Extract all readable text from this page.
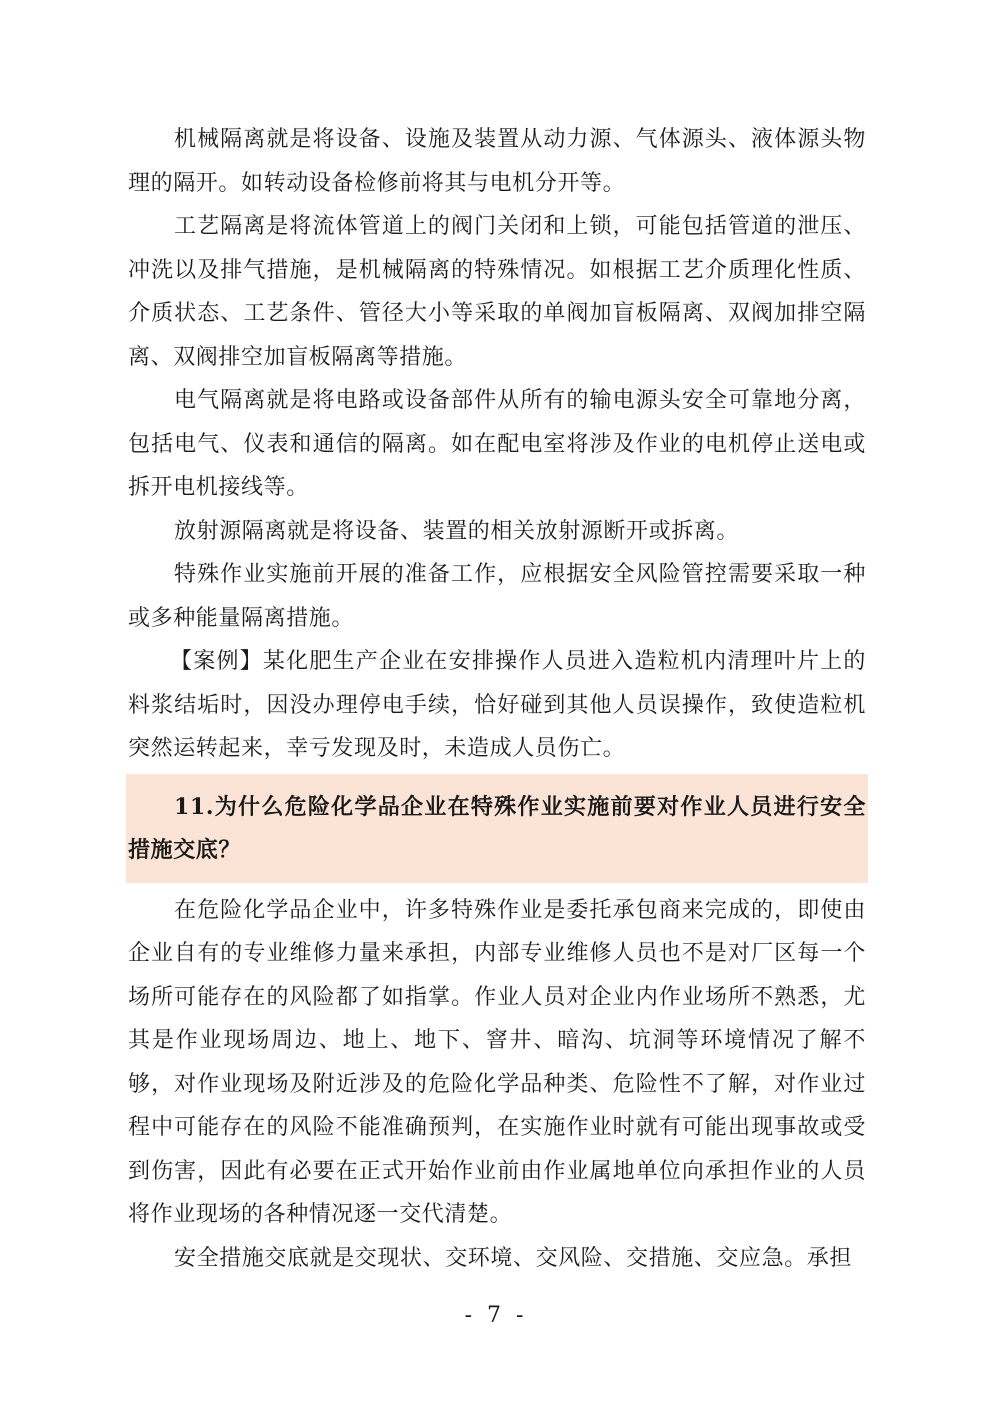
机械隔离就是将设备、设施及装置从动力源、气体源头、液体源头物理的隔开。如转动设备检修前将其与电机分开等。

工艺隔离是将流体管道上的阀门关闭和上锁，可能包括管道的泄压、冲洗以及排气措施，是机械隔离的特殊情况。如根据工艺介质理化性质、介质状态、工艺条件、管径大小等采取的单阀加盲板隔离、双阀加排空隔离、双阀排空加盲板隔离等措施。

电气隔离就是将电路或设备部件从所有的输电源头安全可靠地分离，包括电气、仪表和通信的隔离。如在配电室将涉及作业的电机停止送电或拆开电机接线等。

放射源隔离就是将设备、装置的相关放射源断开或拆离。

特殊作业实施前开展的准备工作，应根据安全风险管控需要采取一种或多种能量隔离措施。

【案例】某化肥生产企业在安排操作人员进入造粒机内清理叶片上的料浆结垢时，因没办理停电手续，恰好碰到其他人员误操作，致使造粒机突然运转起来，幸亏发现及时，未造成人员伤亡。

11.为什么危险化学品企业在特殊作业实施前要对作业人员进行安全措施交底？

在危险化学品企业中，许多特殊作业是委托承包商来完成的，即使由企业自有的专业维修力量来承担，内部专业维修人员也不是对厂区每一个场所可能存在的风险都了如指掌。作业人员对企业内作业场所不熟悉，尤其是作业现场周边、地上、地下、窨井、暗沟、坑洞等环境情况了解不够，对作业现场及附近涉及的危险化学品种类、危险性不了解，对作业过程中可能存在的风险不能准确预判，在实施作业时就有可能出现事故或受到伤害，因此有必要在正式开始作业前由作业属地单位向承担作业的人员将作业现场的各种情况逐一交代清楚。

安全措施交底就是交现状、交环境、交风险、交措施、交应急。承担

- 7 -
